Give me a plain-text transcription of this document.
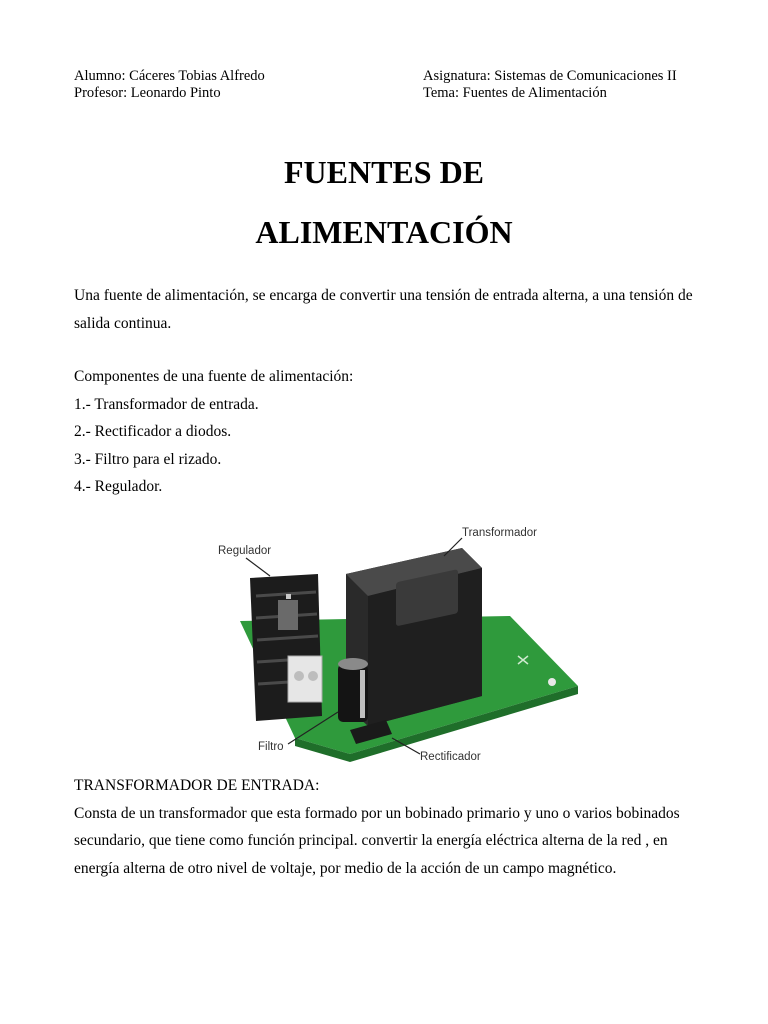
Alumno: Cáceres Tobias Alfredo
Profesor: Leonardo Pinto
Asignatura: Sistemas de Comunicaciones II
Tema: Fuentes de Alimentación
FUENTES DE
ALIMENTACIÓN
Una fuente de alimentación, se encarga de convertir una tensión de entrada alterna, a una tensión de salida continua.
Componentes de una fuente de alimentación:
1.- Transformador de entrada.
2.- Rectificador a diodos.
3.- Filtro para el rizado.
4.- Regulador.
Regulador
Transformador
Filtro
Rectificador
TRANSFORMADOR DE ENTRADA:
Consta de un transformador que esta formado por un bobinado primario y uno o varios bobinados secundario, que tiene como función principal. convertir la energía eléctrica alterna de la red , en energía alterna de otro nivel de voltaje, por medio de la acción de un campo magnético.
